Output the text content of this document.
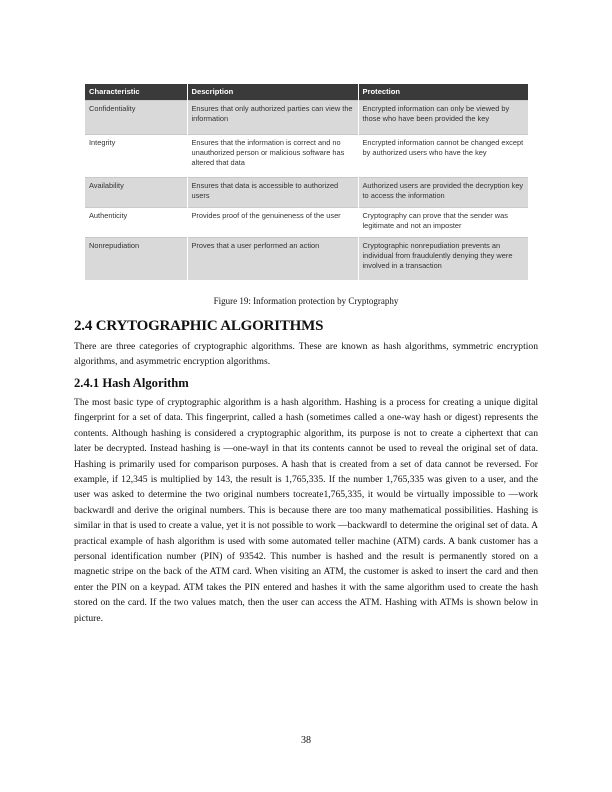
Characteristic	Description	Protection
Confidentiality	Ensures that only authorized parties can view the information	Encrypted information can only be viewed by those who have been provided the key
Integrity	Ensures that the information is correct and no unauthorized person or malicious software has altered that data	Encrypted information cannot be changed except by authorized users who have the key
Availability	Ensures that data is accessible to authorized users	Authorized users are provided the decryption key to access the information
Authenticity	Provides proof of the genuineness of the user	Cryptography can prove that the sender was legitimate and not an imposter
Nonrepudiation	Proves that a user performed an action	Cryptographic nonrepudiation prevents an individual from fraudulently denying they were involved in a transaction
Figure 19: Information protection by Cryptography
2.4 CRYTOGRAPHIC ALGORITHMS

There are three categories of cryptographic algorithms. These are known as hash algorithms, symmetric encryption algorithms, and asymmetric encryption algorithms.

2.4.1 Hash Algorithm

The most basic type of cryptographic algorithm is a hash algorithm. Hashing is a process for creating a unique digital fingerprint for a set of data. This fingerprint, called a hash (sometimes called a one-way hash or digest) represents the contents. Although hashing is considered a cryptographic algorithm, its purpose is not to create a ciphertext that can later be decrypted. Instead hashing is —one-way‖ in that its contents cannot be used to reveal the original set of data. Hashing is primarily used for comparison purposes. A hash that is created from a set of data cannot be reversed. For example, if 12,345 is multiplied by 143, the result is 1,765,335. If the number 1,765,335 was given to a user, and the user was asked to determine the two original numbers tocreate1,765,335, it would be virtually impossible to —work backward‖ and derive the original numbers. This is because there are too many mathematical possibilities. Hashing is similar in that is used to create a value, yet it is not possible to work —backward‖ to determine the original set of data. A practical example of hash algorithm is used with some automated teller machine (ATM) cards. A bank customer has a personal identification number (PIN) of 93542. This number is hashed and the result is permanently stored on a magnetic stripe on the back of the ATM card. When visiting an ATM, the customer is asked to insert the card and then enter the PIN on a keypad. ATM takes the PIN entered and hashes it with the same algorithm used to create the hash stored on the card. If the two values match, then the user can access the ATM. Hashing with ATMs is shown below in picture.

38
